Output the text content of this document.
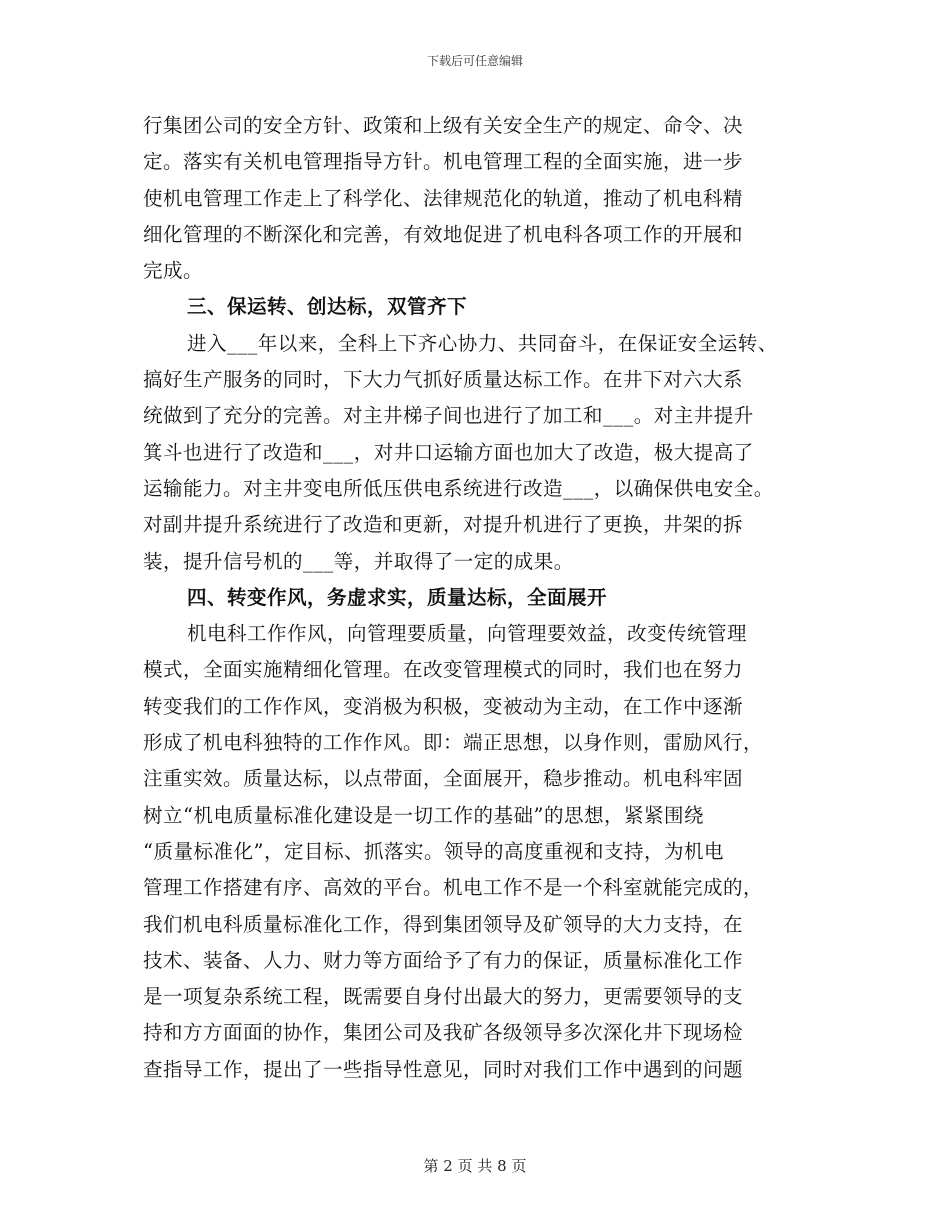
下载后可任意编辑
行集团公司的安全方针、政策和上级有关安全生产的规定、命令、决
定。落实有关机电管理指导方针。机电管理工程的全面实施，进一步
使机电管理工作走上了科学化、法律规范化的轨道，推动了机电科精
细化管理的不断深化和完善，有效地促进了机电科各项工作的开展和
完成。
三、保运转、创达标，双管齐下
进入___年以来，全科上下齐心协力、共同奋斗，在保证安全运转、
搞好生产服务的同时，下大力气抓好质量达标工作。在井下对六大系
统做到了充分的完善。对主井梯子间也进行了加工和___。对主井提升
箕斗也进行了改造和___，对井口运输方面也加大了改造，极大提高了
运输能力。对主井变电所低压供电系统进行改造___，以确保供电安全。
对副井提升系统进行了改造和更新，对提升机进行了更换，井架的拆
装，提升信号机的___等，并取得了一定的成果。
四、转变作风，务虚求实，质量达标，全面展开
机电科工作作风，向管理要质量，向管理要效益，改变传统管理
模式，全面实施精细化管理。在改变管理模式的同时，我们也在努力
转变我们的工作作风，变消极为积极，变被动为主动，在工作中逐渐
形成了机电科独特的工作作风。即：端正思想，以身作则，雷励风行，
注重实效。质量达标，以点带面，全面展开，稳步推动。机电科牢固
树立“机电质量标准化建设是一切工作的基础”的思想，紧紧围绕
“质量标准化”，定目标、抓落实。领导的高度重视和支持，为机电
管理工作搭建有序、高效的平台。机电工作不是一个科室就能完成的，
我们机电科质量标准化工作，得到集团领导及矿领导的大力支持，在
技术、装备、人力、财力等方面给予了有力的保证，质量标准化工作
是一项复杂系统工程，既需要自身付出最大的努力，更需要领导的支
持和方方面面的协作，集团公司及我矿各级领导多次深化井下现场检
查指导工作，提出了一些指导性意见，同时对我们工作中遇到的问题
第 2 页 共 8 页
